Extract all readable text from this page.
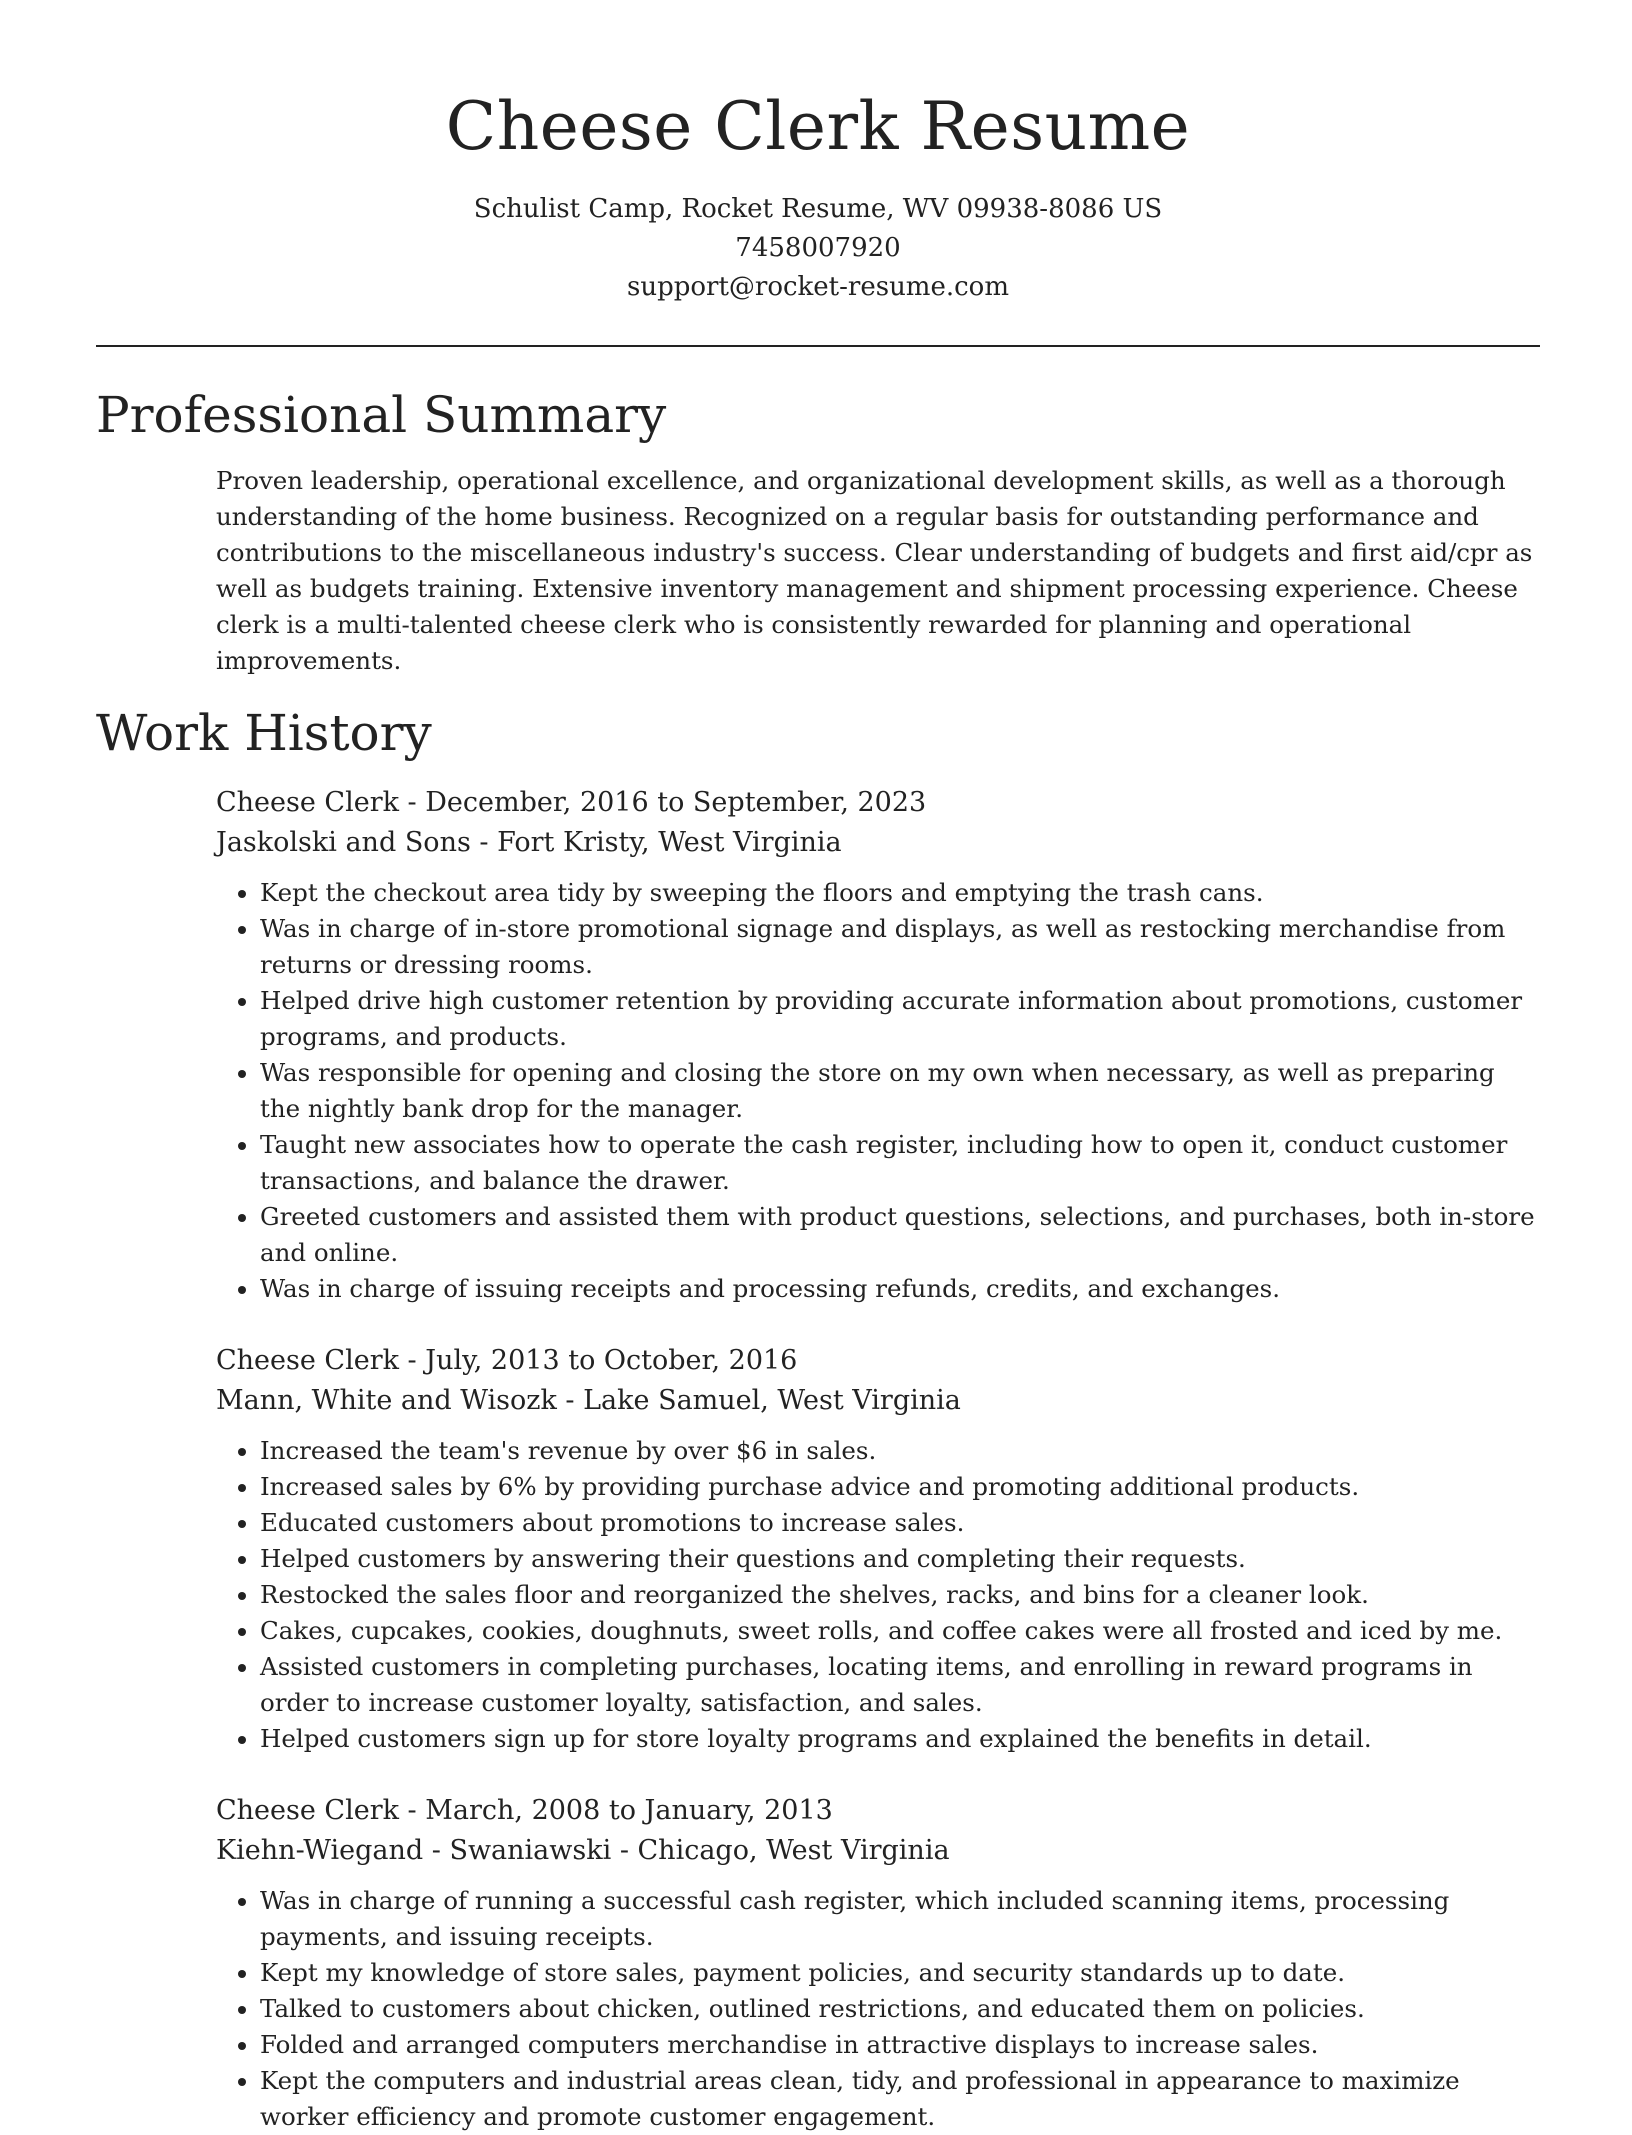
Cheese Clerk Resume
Schulist Camp, Rocket Resume, WV 09938-8086 US
7458007920
support@rocket-resume.com
Professional Summary

Proven leadership, operational excellence, and organizational development skills, as well as a thorough understanding of the home business. Recognized on a regular basis for outstanding performance and contributions to the miscellaneous industry's success. Clear understanding of budgets and first aid/cpr as well as budgets training. Extensive inventory management and shipment processing experience. Cheese clerk is a multi-talented cheese clerk who is consistently rewarded for planning and operational improvements.

Work History
Cheese Clerk - December, 2016 to September, 2023
Jaskolski and Sons - Fort Kristy, West Virginia
• Kept the checkout area tidy by sweeping the floors and emptying the trash cans.
• Was in charge of in-store promotional signage and displays, as well as restocking merchandise from returns or dressing rooms.
• Helped drive high customer retention by providing accurate information about promotions, customer programs, and products.
• Was responsible for opening and closing the store on my own when necessary, as well as preparing the nightly bank drop for the manager.
• Taught new associates how to operate the cash register, including how to open it, conduct customer transactions, and balance the drawer.
• Greeted customers and assisted them with product questions, selections, and purchases, both in-store and online.
• Was in charge of issuing receipts and processing refunds, credits, and exchanges.
Cheese Clerk - July, 2013 to October, 2016
Mann, White and Wisozk - Lake Samuel, West Virginia
• Increased the team's revenue by over $6 in sales.
• Increased sales by 6% by providing purchase advice and promoting additional products.
• Educated customers about promotions to increase sales.
• Helped customers by answering their questions and completing their requests.
• Restocked the sales floor and reorganized the shelves, racks, and bins for a cleaner look.
• Cakes, cupcakes, cookies, doughnuts, sweet rolls, and coffee cakes were all frosted and iced by me.
• Assisted customers in completing purchases, locating items, and enrolling in reward programs in order to increase customer loyalty, satisfaction, and sales.
• Helped customers sign up for store loyalty programs and explained the benefits in detail.
Cheese Clerk - March, 2008 to January, 2013
Kiehn-Wiegand - Swaniawski - Chicago, West Virginia
• Was in charge of running a successful cash register, which included scanning items, processing payments, and issuing receipts.
• Kept my knowledge of store sales, payment policies, and security standards up to date.
• Talked to customers about chicken, outlined restrictions, and educated them on policies.
• Folded and arranged computers merchandise in attractive displays to increase sales.
• Kept the computers and industrial areas clean, tidy, and professional in appearance to maximize worker efficiency and promote customer engagement.
